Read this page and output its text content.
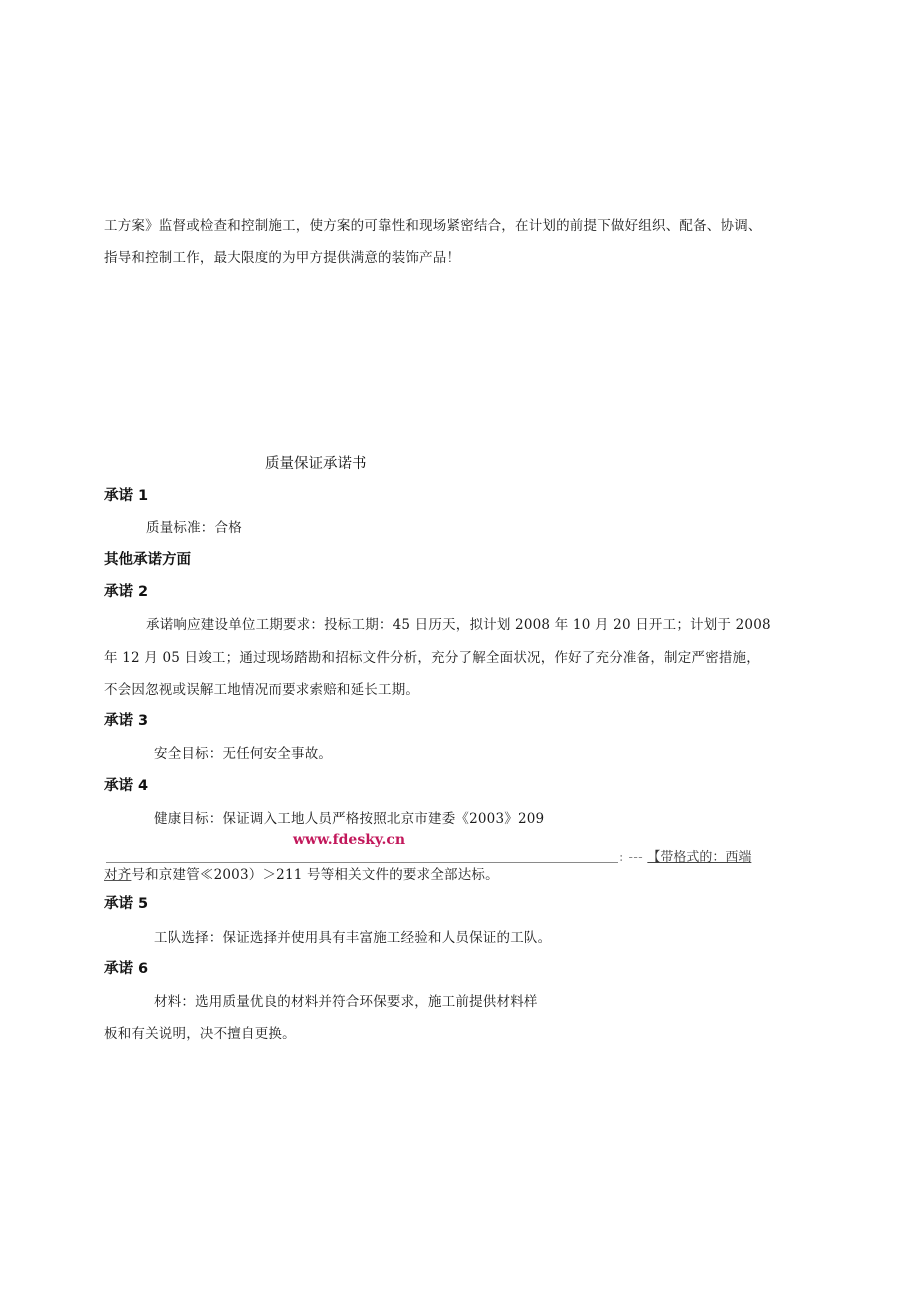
工方案》监督或检查和控制施工，使方案的可靠性和现场紧密结合，在计划的前提下做好组织、配备、协调、
指导和控制工作，最大限度的为甲方提供满意的装饰产品！
质量保证承诺书
承诺 1
质量标准：合格
其他承诺方面
承诺 2
承诺响应建设单位工期要求：投标工期：45 日历天，拟计划 2008 年 10 月 20 日开工；计划于 2008
年 12 月 05 日竣工；通过现场踏勘和招标文件分析，充分了解全面状况，作好了充分准备，制定严密措施，
不会因忽视或误解工地情况而要求索赔和延长工期。
承诺 3
安全目标：无任何安全事故。
承诺 4
健康目标：保证调入工地人员严格按照北京市建委《2003》209
www.fdesky.cn
: --- 【带格式的：西端
对齐号和京建管≪2003）＞211 号等相关文件的要求全部达标。
承诺 5
工队选择：保证选择并使用具有丰富施工经验和人员保证的工队。
承诺 6
材料：选用质量优良的材料并符合环保要求，施工前提供材料样
板和有关说明，决不擅自更换。
